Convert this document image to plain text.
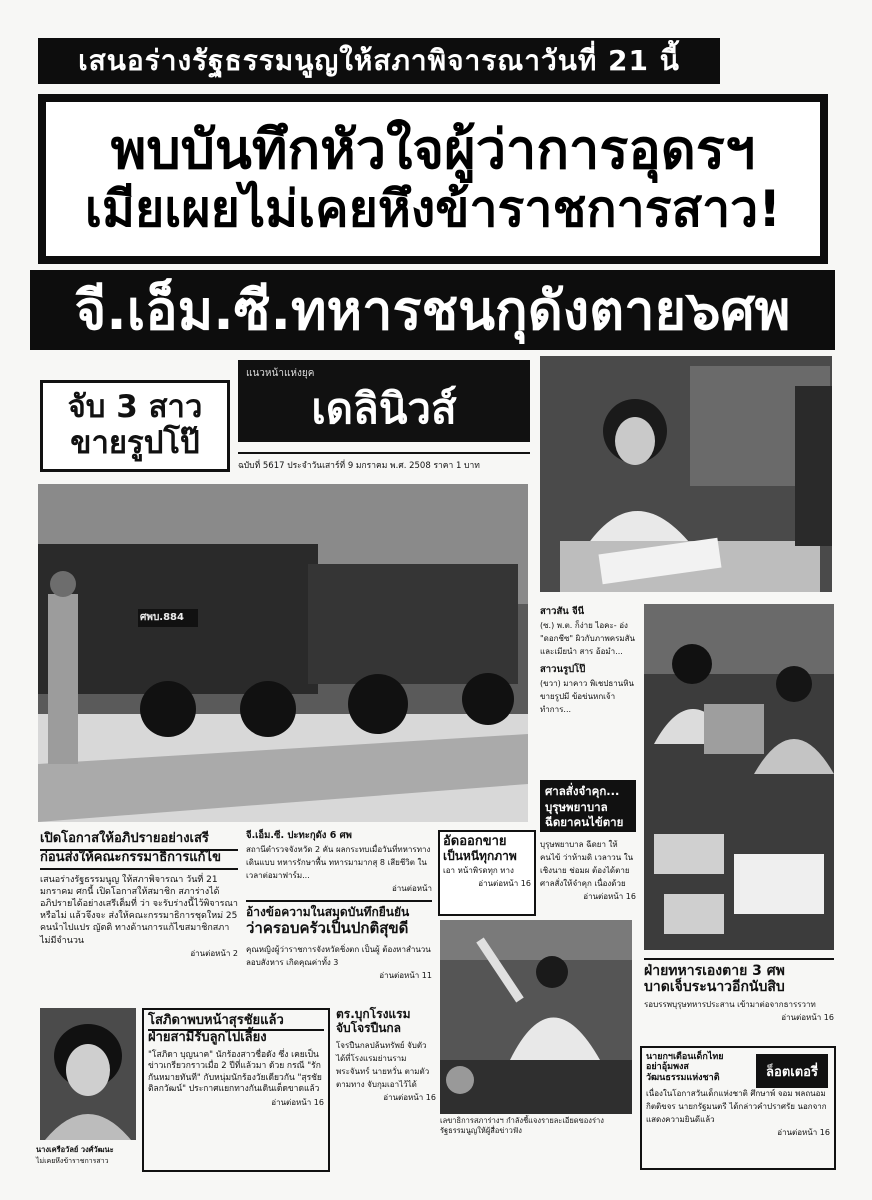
เสนอร่างรัฐธรรมนูญให้สภาพิจารณาวันที่ 21 นี้
พบบันทึกหัวใจผู้ว่าการอุดรฯ
เมียเผยไม่เคยหึงข้าราชการสาว!
จี.เอ็ม.ซี.ทหารชนกุดังตาย๖ศพ
จับ 3 สาว
ขายรูปโป๊
แนวหน้าแห่งยุค
เดลินิวส์
ฉบับที่ 5617 ประจำวันเสาร์ที่ 9 มกราคม พ.ศ. 2508 ราคา 1 บาท
ศพบ.884
สาวสัน จีนี
(ซ.) พ.ต. ก็ง่าย ไอคะ- อ่ง "ดอกชีซ" ผิวกับภาพครมสัน และเมียนำ สาร อ้อมำ...
สาวนรูปโป๊
(ขวา) มาคาว พิเชปธานหิน ขายรูปมี ข้อข่นหกเจ้า ทำการ...
ศาลสั่งจำคุก... บุรุษพยาบาล ฉีดยาคนไข้ตาย
บุรุษพยาบาล ฉีดยา ให้ คนไข้ ว่าห้ามดิ เวลาวน ในเชิงนาย ช่อมผ ต้องได้ตาย ศาลสั่งให้จำคุก เนื่องด้วย
อ่านต่อหน้า 16
เปิดโอกาสให้อภิปรายอย่างเสรี
ก่อนส่งให้คณะกรรมาธิการแก้ไข
เสนอร่างรัฐธรรมนูญ ให้สภาพิจารณา วันที่ 21 มกราคม ศกนี้ เปิดโอกาสให้สมาชิก สภาร่างได้อภิปรายได้อย่างเสรีเต็มที่ ว่า จะรับร่างนี้ไว้พิจารณาหรือไม่ แล้วจึงจะ ส่งให้คณะกรรมาธิการชุดใหม่ 25 คนนำไปแปร ญัตติ ทางด้านการแก้ไขสมาชิกสภาไม่มีจำนวน
อ่านต่อหน้า 2
จี.เอ็ม.ซี. ปะทะกุดัง 6 ศพ
สถานีตำรวจจังหวัด 2 คัน ผลกระทบเมื่อวันที่ทหารทางเดินแบบ ทหารรักษาพื้น ทหารมามากสุ 8 เสียชีวิต ในเวลาต่อมาฟาร์ม...
อ่านต่อหน้า
อัดออกขาย
เป็นหนีทุกภาพ
เอา หน้าพิรดทุก ทาง
อ่านต่อหน้า 16
อ้างข้อความในสมุดบันทึกยืนยัน
ว่าครอบครัวเป็นปกติสุขดี
คุณหญิงผู้ว่าราชการจังหวัดชิ่งตก เป็นผู้ ต้องหาสำนวนลอบสังหาร เกิดคุณค่าทั้ง 3
อ่านต่อหน้า 11
เลขาธิการสภาร่างฯ กำลังชี้แจงรายละเอียดของร่างรัฐธรรมนูญให้ผู้สื่อข่าวฟัง
ฝ่ายทหารเองตาย 3 ศพ
บาดเจ็บระนาวอีกนับสิบ
รอบรรพบุรุษทหารประสาน เข้ามาต่อจากธารรวาท
อ่านต่อหน้า 16
นางเครือวัลย์ วงศ์วัฒนะ
ไม่เคยหึงข้าราชการสาว
โสภิดาพบหน้าสุรชัยแล้ว
ฝ่ายสามีรับลูกไปเลี้ยง
"โสภิดา บุญนาค" นักร้องสาวชื่อดัง ซึ่ง เคยเป็นข่าวเกรียวกราวเมื่อ 2 ปีที่แล้วมา ด้วย กรณี "รักกันหมายทันที" กับหนุ่มนักร้องวัยเดียวกัน "สุรชัย ติลกวัฒน์" ประกาศแยกทางกันเดินเด็ดขาดแล้ว
อ่านต่อหน้า 16
ตร.บุกโรงแรม
จับโจรปืนกล
โจรปืนกลปล้นทรัพย์ จับตัวได้ที่โรงแรมย่านรามพระจันทร์ นายหวั่น ตามตัวตามทาง จับกุมเอาไว้ได้
อ่านต่อหน้า 16
ล็อตเตอรี่
นายกฯเตือนเด็กไทย
อย่าอุ้มพงส
วัฒนธรรมแห่งชาติ
เนื่องในโอกาสวันเด็กแห่งชาติ ศึกษาพ์ จอม พลถนอม กิตติขจร นายกรัฐมนตรี ได้กล่าวคำปราศรัย นอกจากแสดงความยินดีแล้ว
อ่านต่อหน้า 16
